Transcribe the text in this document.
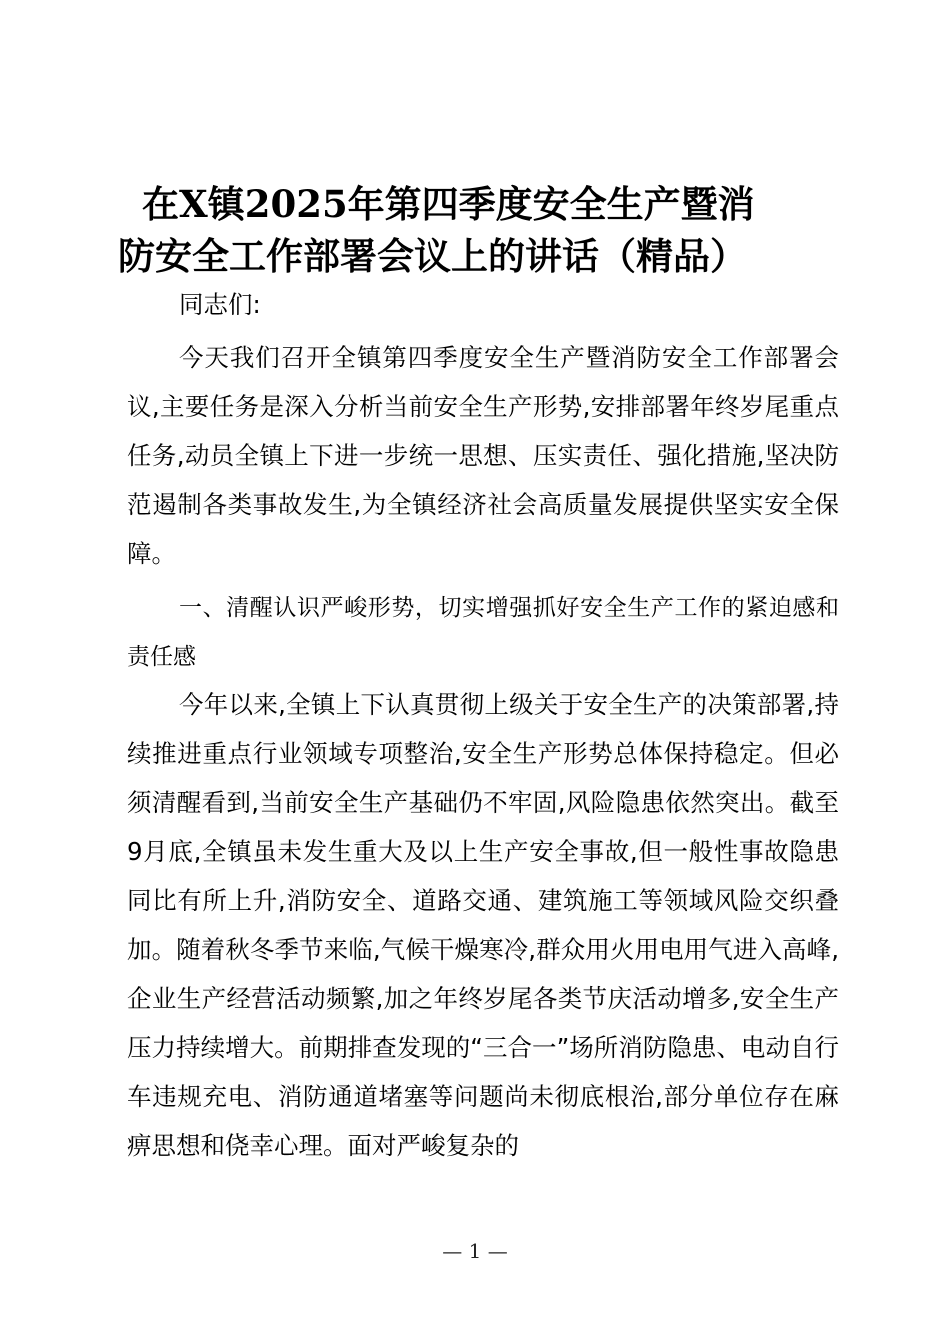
在X镇2025年第四季度安全生产暨消
防安全工作部署会议上的讲话（精品）

同志们:

今天我们召开全镇第四季度安全生产暨消防安全工作部署会议,主要任务是深入分析当前安全生产形势,安排部署年终岁尾重点任务,动员全镇上下进一步统一思想、压实责任、强化措施,坚决防范遏制各类事故发生,为全镇经济社会高质量发展提供坚实安全保障。

一、清醒认识严峻形势，切实增强抓好安全生产工作的紧迫感和责任感

今年以来,全镇上下认真贯彻上级关于安全生产的决策部署,持续推进重点行业领域专项整治,安全生产形势总体保持稳定。但必须清醒看到,当前安全生产基础仍不牢固,风险隐患依然突出。截至9月底,全镇虽未发生重大及以上生产安全事故,但一般性事故隐患同比有所上升,消防安全、道路交通、建筑施工等领域风险交织叠加。随着秋冬季节来临,气候干燥寒冷,群众用火用电用气进入高峰,企业生产经营活动频繁,加之年终岁尾各类节庆活动增多,安全生产压力持续增大。前期排查发现的“三合一”场所消防隐患、电动自行车违规充电、消防通道堵塞等问题尚未彻底根治,部分单位存在麻痹思想和侥幸心理。面对严峻复杂的

— 1 —
